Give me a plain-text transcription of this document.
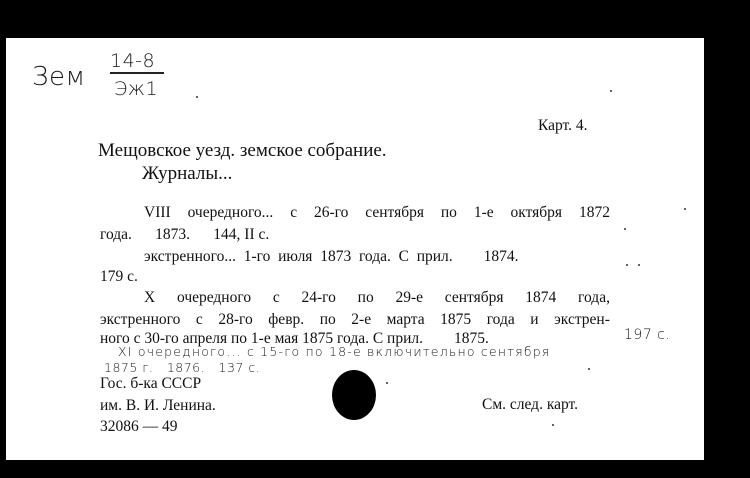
Зем
14-8
Эж1
Карт. 4.
Мещовское уезд. земское собрание.
Журналы...
VIII очередного... с 26-го сентября по 1-е октября 1872
года.      1873.      144, II с.
экстренного...  1-го  июля  1873  года.  С  прил.        1874.
179 с.
X очередного с 24-го по 29-е сентября 1874 года,
экстренного с 28-го февр. по 2-е марта 1875 года и экстрен-
ного с 30-го апреля по 1-е мая 1875 года. С прил.        1875.	197 с.
XI очередного... с 15-го по 18-е включительно сентября
1875 г.   1876.   137 с.
Гос. б-ка СССР
им. В. И. Ленина.
32086 — 49
См. след. карт.
